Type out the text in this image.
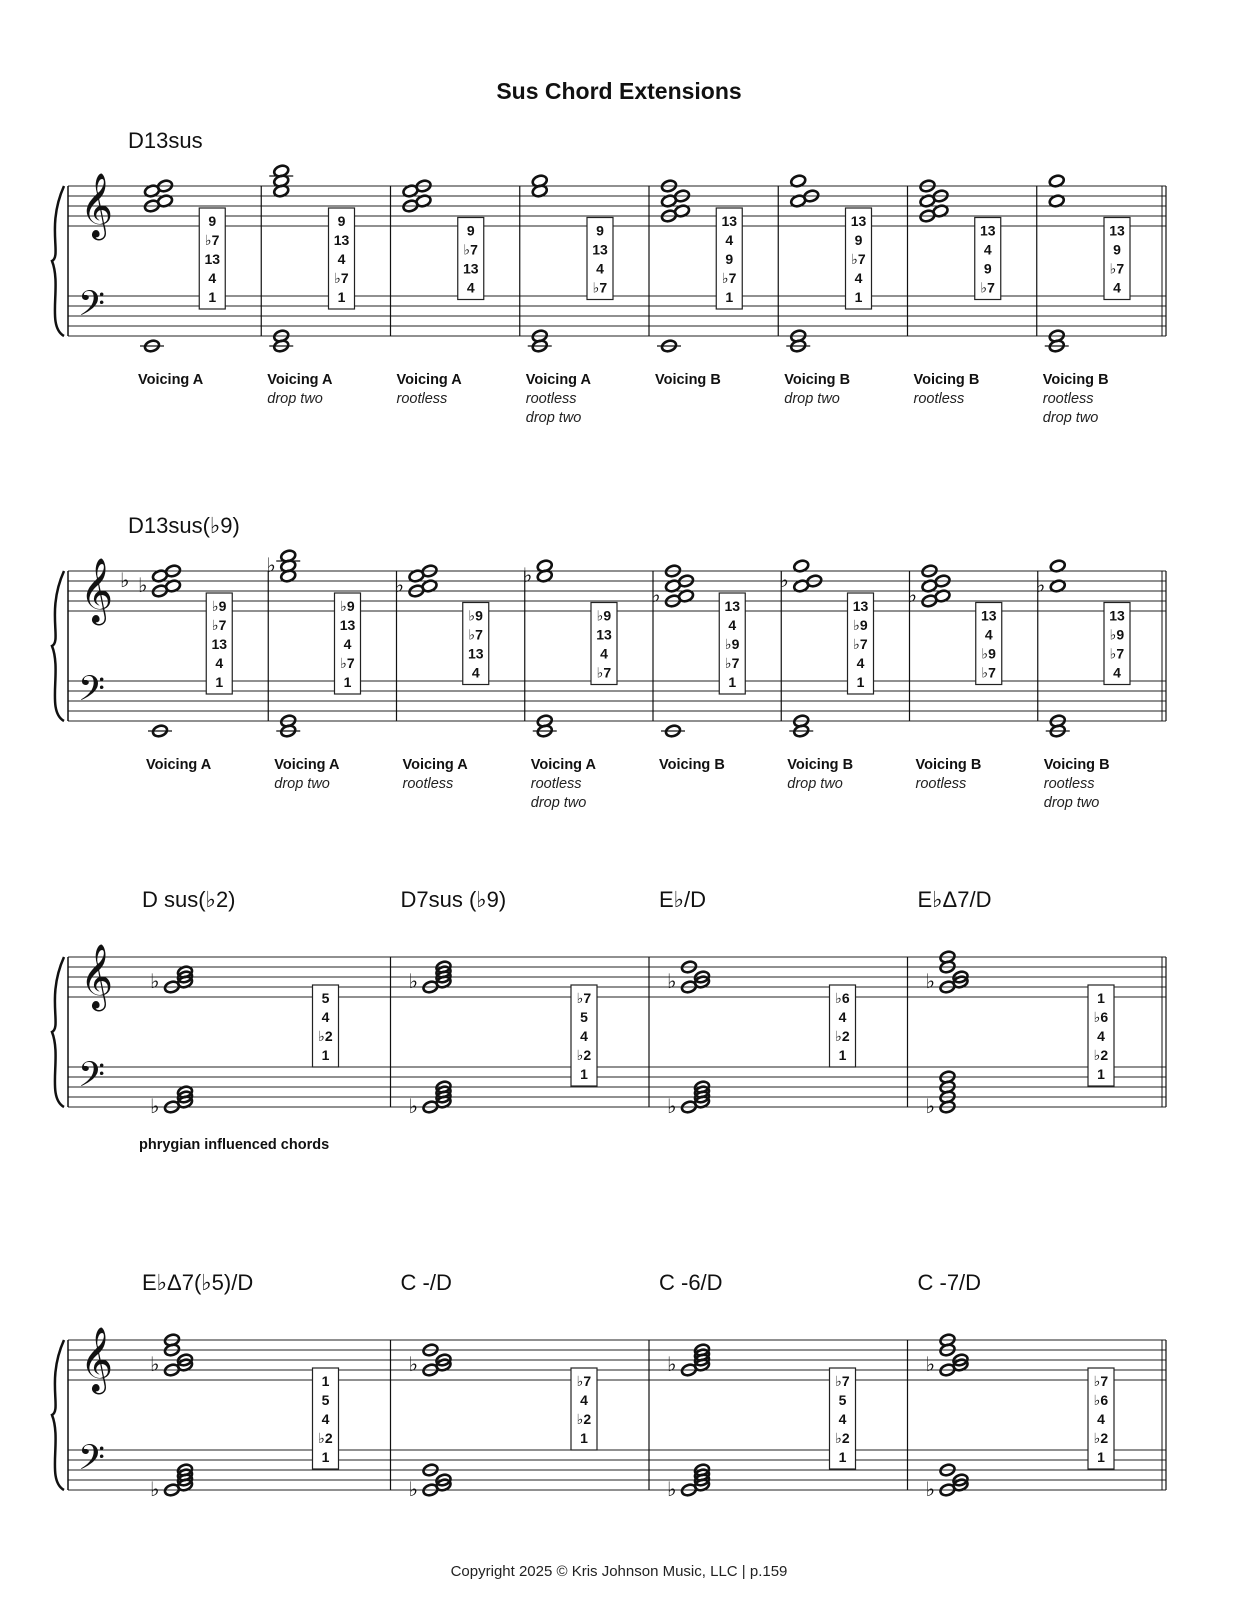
Sus Chord Extensions
𝄞
𝄢
9
♭7
13
4
1
Voicing A
9
13
4
♭7
1
Voicing A
drop two
9
♭7
13
4
Voicing A
rootless
9
13
4
♭7
Voicing A
rootless
drop two
13
4
9
♭7
1
Voicing B
13
9
♭7
4
1
Voicing B
drop two
13
4
9
♭7
Voicing B
rootless
13
9
♭7
4
Voicing B
rootless
drop two
D13sus
𝄞
𝄢
♭ ♭
♭9
♭7
13
4
1
Voicing A
♭
♭9
13
4
♭7
1
Voicing A
drop two
♭
♭9
♭7
13
4
Voicing A
rootless
♭
♭9
13
4
♭7
Voicing A
rootless
drop two
♭	13
4
♭9
♭7
1
Voicing B
♭
13
♭9
♭7
4
1
Voicing B
drop two
♭
13
4
♭9
♭7
Voicing B
rootless
♭
13
♭9
♭7
4
Voicing B
rootless
drop two
D13sus(♭9)
𝄞
𝄢
♭
♭
5
4
♭2
1
D sus(♭2)
♭
♭
♭7
5
4
♭2
1
D7sus (♭9)
♭
♭
♭6
4
♭2
1
E♭/D
♭
♭
1
♭6
4
♭2
1
E♭Δ7/D
phrygian influenced chords
𝄞
𝄢
♭
♭
1
5
4
♭2
1
E♭Δ7(♭5)/D
♭
♭
♭7
4
♭2
1
C -/D
♭
♭
♭7
5
4
♭2
1
C -6/D
♭
♭
♭7
♭6
4
♭2
1
C -7/D
Copyright 2025 © Kris Johnson Music, LLC | p.159
